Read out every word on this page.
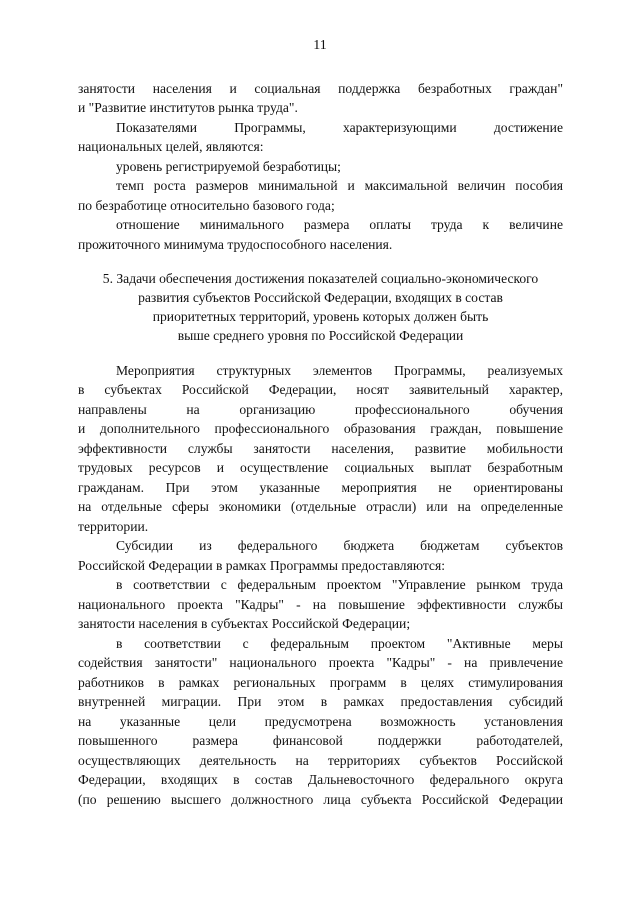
11
занятости населения и социальная поддержка безработных граждан"
и "Развитие институтов рынка труда".
Показателями Программы, характеризующими достижение
национальных целей, являются:
уровень регистрируемой безработицы;
темп роста размеров минимальной и максимальной величин пособия
по безработице относительно базового года;
отношение минимального размера оплаты труда к величине
прожиточного минимума трудоспособного населения.
5. Задачи обеспечения достижения показателей социально-экономического
развития субъектов Российской Федерации, входящих в состав
приоритетных территорий, уровень которых должен быть
выше среднего уровня по Российской Федерации
Мероприятия структурных элементов Программы, реализуемых
в субъектах Российской Федерации, носят заявительный характер,
направлены на организацию профессионального обучения
и дополнительного профессионального образования граждан, повышение
эффективности службы занятости населения, развитие мобильности
трудовых ресурсов и осуществление социальных выплат безработным
гражданам. При этом указанные мероприятия не ориентированы
на отдельные сферы экономики (отдельные отрасли) или на определенные
территории.
Субсидии из федерального бюджета бюджетам субъектов
Российской Федерации в рамках Программы предоставляются:
в соответствии с федеральным проектом "Управление рынком труда
национального проекта "Кадры" - на повышение эффективности службы
занятости населения в субъектах Российской Федерации;
в соответствии с федеральным проектом "Активные меры
содействия занятости" национального проекта "Кадры" - на привлечение
работников в рамках региональных программ в целях стимулирования
внутренней миграции. При этом в рамках предоставления субсидий
на указанные цели предусмотрена возможность установления
повышенного размера финансовой поддержки работодателей,
осуществляющих деятельность на территориях субъектов Российской
Федерации, входящих в состав Дальневосточного федерального округа
(по решению высшего должностного лица субъекта Российской Федерации
